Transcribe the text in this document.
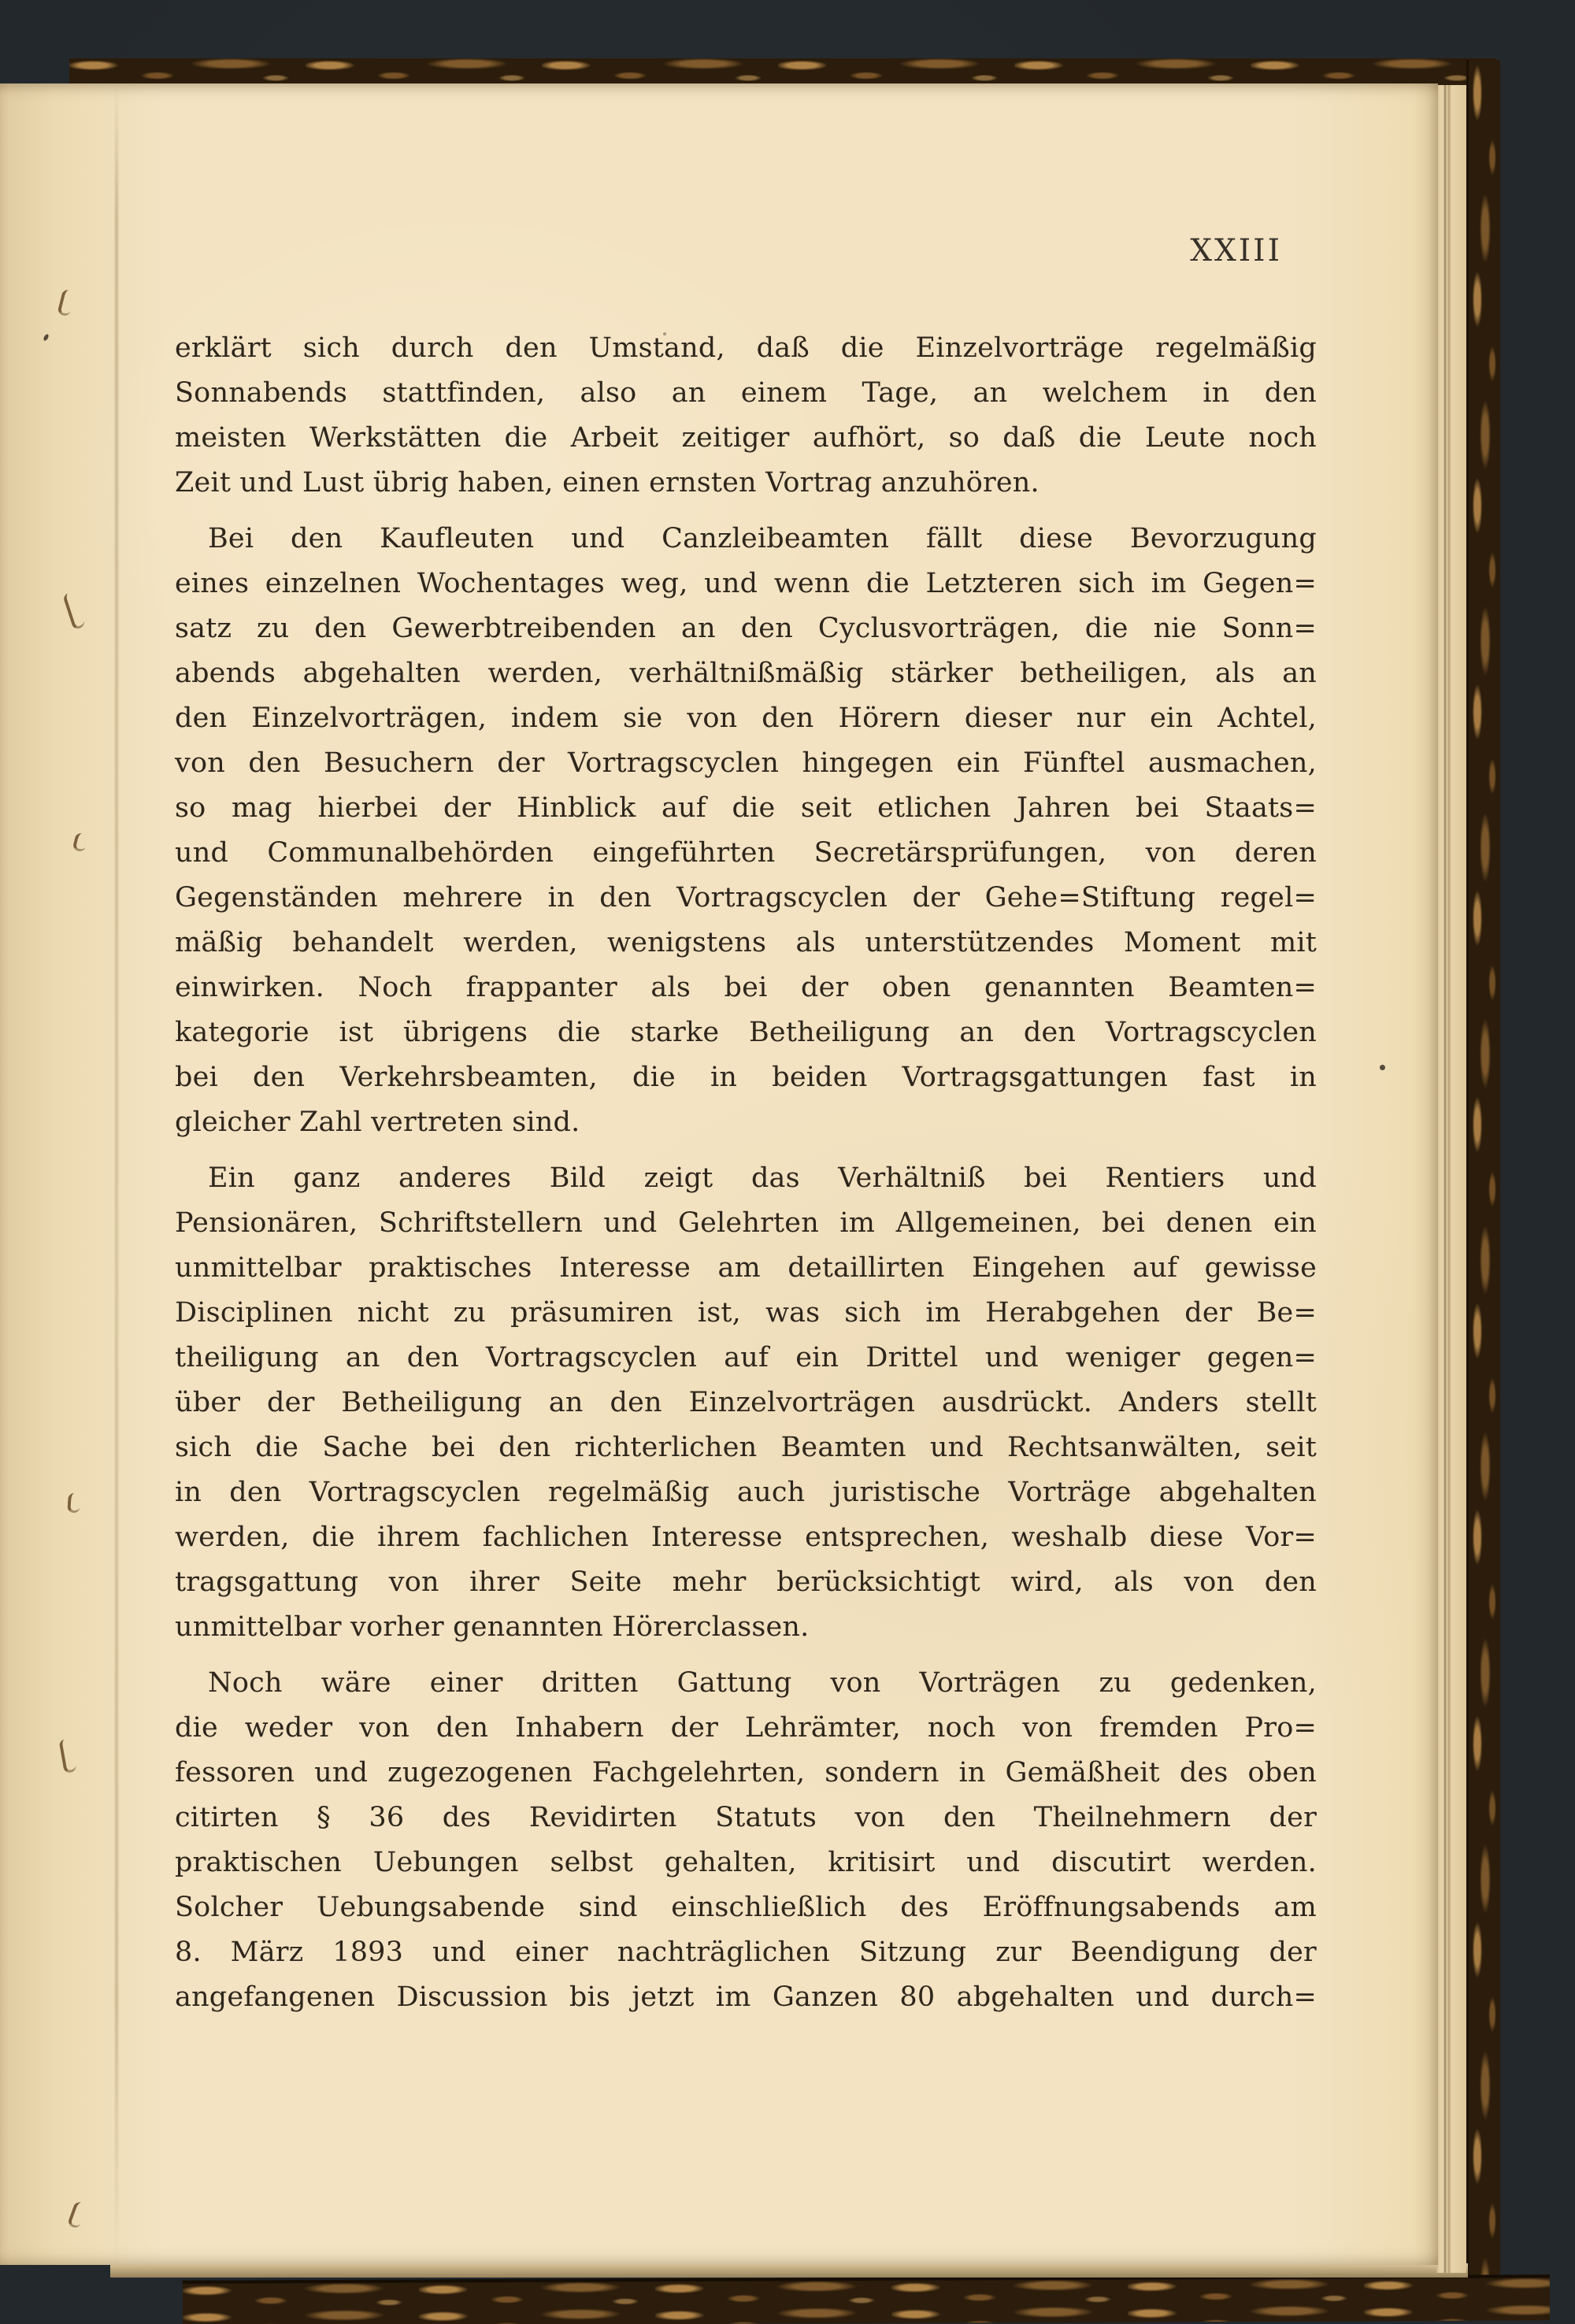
XXIII
erklärt sich durch den Umstand, daß die Einzelvorträge regelmäßig
Sonnabends stattfinden, also an einem Tage, an welchem in den
meisten Werkstätten die Arbeit zeitiger aufhört, so daß die Leute noch
Zeit und Lust übrig haben, einen ernsten Vortrag anzuhören.
Bei den Kaufleuten und Canzleibeamten fällt diese Bevorzugung
eines einzelnen Wochentages weg, und wenn die Letzteren sich im Gegen=
satz zu den Gewerbtreibenden an den Cyclusvorträgen, die nie Sonn=
abends abgehalten werden, verhältnißmäßig stärker betheiligen, als an
den Einzelvorträgen, indem sie von den Hörern dieser nur ein Achtel,
von den Besuchern der Vortragscyclen hingegen ein Fünftel ausmachen,
so mag hierbei der Hinblick auf die seit etlichen Jahren bei Staats=
und Communalbehörden eingeführten Secretärsprüfungen, von deren
Gegenständen mehrere in den Vortragscyclen der Gehe=Stiftung regel=
mäßig behandelt werden, wenigstens als unterstützendes Moment mit
einwirken. Noch frappanter als bei der oben genannten Beamten=
kategorie ist übrigens die starke Betheiligung an den Vortragscyclen
bei den Verkehrsbeamten, die in beiden Vortragsgattungen fast in
gleicher Zahl vertreten sind.
Ein ganz anderes Bild zeigt das Verhältniß bei Rentiers und
Pensionären, Schriftstellern und Gelehrten im Allgemeinen, bei denen ein
unmittelbar praktisches Interesse am detaillirten Eingehen auf gewisse
Disciplinen nicht zu präsumiren ist, was sich im Herabgehen der Be=
theiligung an den Vortragscyclen auf ein Drittel und weniger gegen=
über der Betheiligung an den Einzelvorträgen ausdrückt. Anders stellt
sich die Sache bei den richterlichen Beamten und Rechtsanwälten, seit
in den Vortragscyclen regelmäßig auch juristische Vorträge abgehalten
werden, die ihrem fachlichen Interesse entsprechen, weshalb diese Vor=
tragsgattung von ihrer Seite mehr berücksichtigt wird, als von den
unmittelbar vorher genannten Hörerclassen.
Noch wäre einer dritten Gattung von Vorträgen zu gedenken,
die weder von den Inhabern der Lehrämter, noch von fremden Pro=
fessoren und zugezogenen Fachgelehrten, sondern in Gemäßheit des oben
citirten § 36 des Revidirten Statuts von den Theilnehmern der
praktischen Uebungen selbst gehalten, kritisirt und discutirt werden.
Solcher Uebungsabende sind einschließlich des Eröffnungsabends am
8. März 1893 und einer nachträglichen Sitzung zur Beendigung der
angefangenen Discussion bis jetzt im Ganzen 80 abgehalten und durch=
